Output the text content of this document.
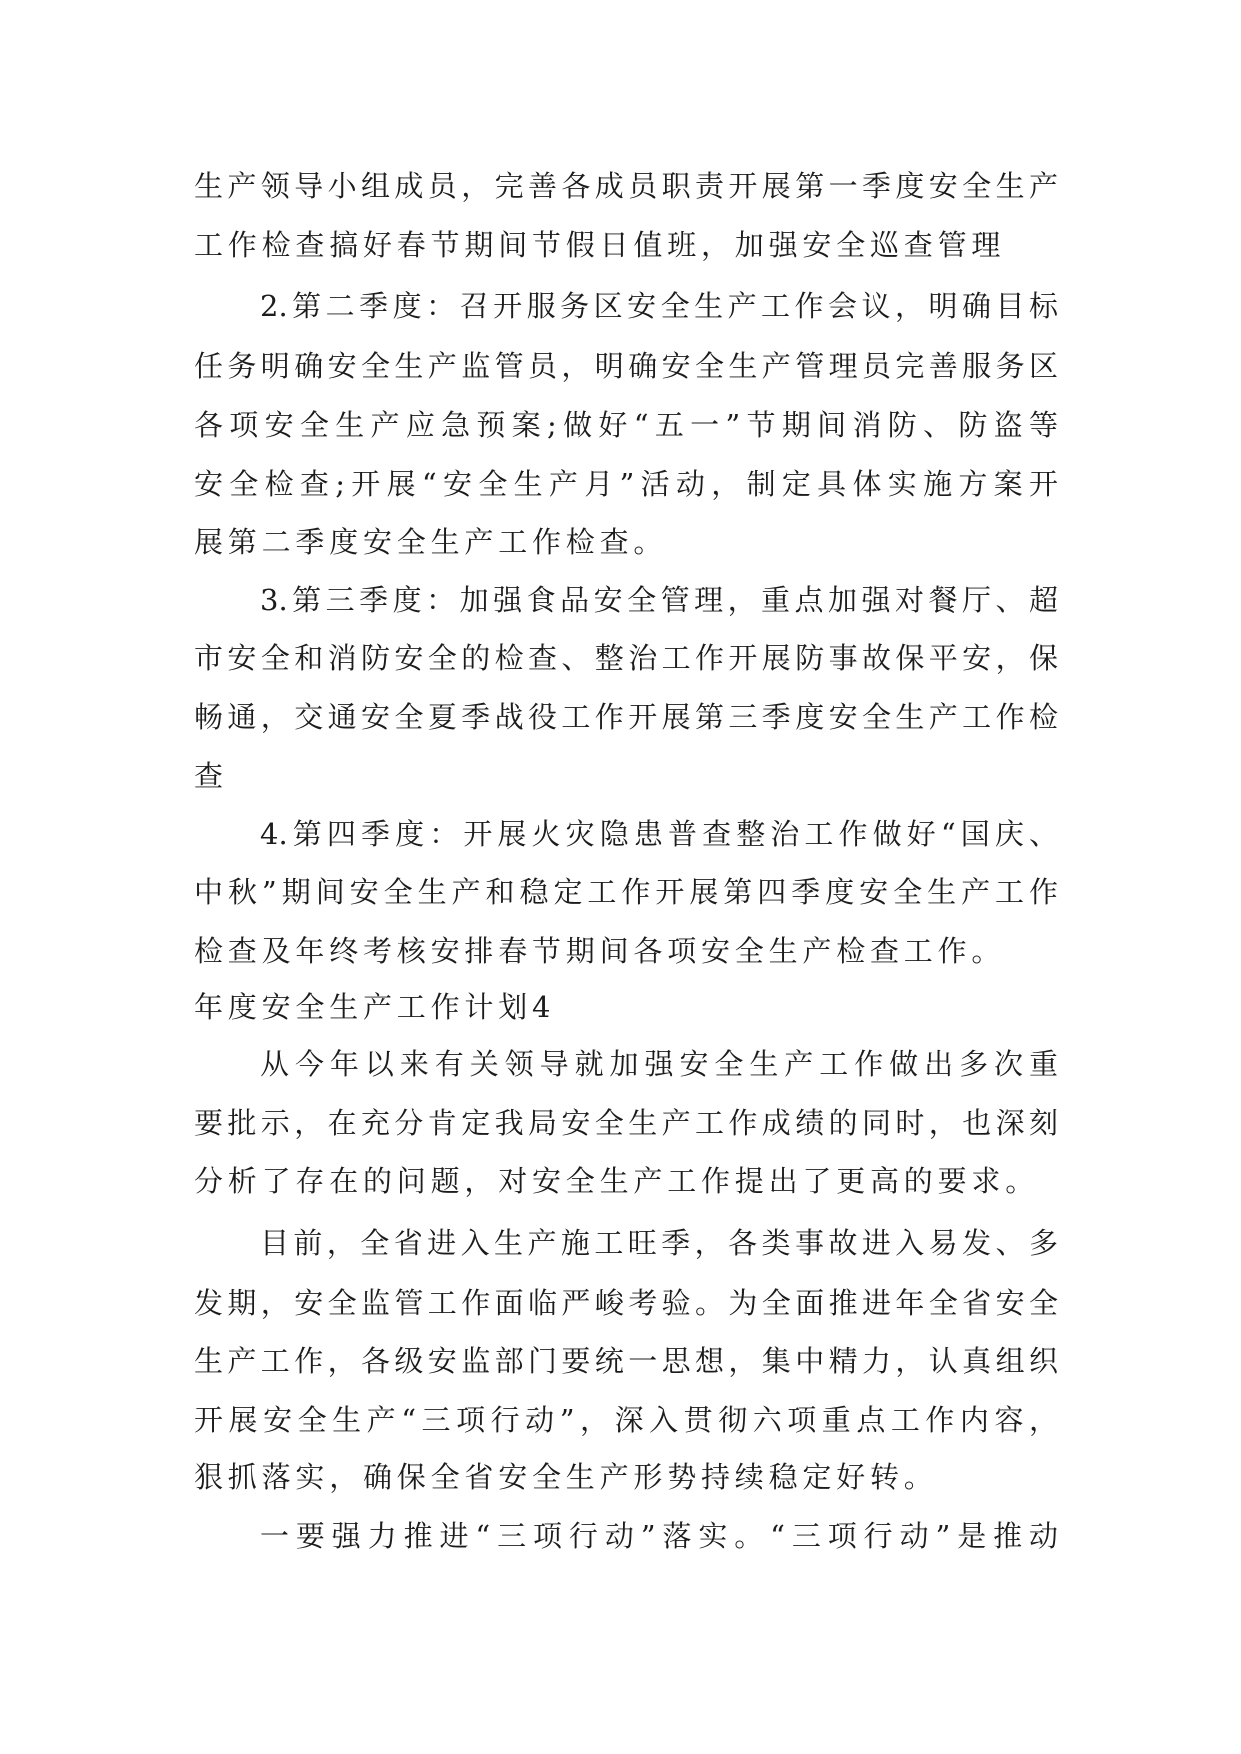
生产领导小组成员，完善各成员职责开展第一季度安全生产
工作检查搞好春节期间节假日值班，加强安全巡查管理
2.第二季度：召开服务区安全生产工作会议，明确目标
任务明确安全生产监管员，明确安全生产管理员完善服务区
各项安全生产应急预案;做好“五一”节期间消防、防盗等
安全检查;开展“安全生产月”活动，制定具体实施方案开
展第二季度安全生产工作检查。
3.第三季度：加强食品安全管理，重点加强对餐厅、超
市安全和消防安全的检查、整治工作开展防事故保平安，保
畅通，交通安全夏季战役工作开展第三季度安全生产工作检
查
4.第四季度：开展火灾隐患普查整治工作做好“国庆、
中秋”期间安全生产和稳定工作开展第四季度安全生产工作
检查及年终考核安排春节期间各项安全生产检查工作。
年度安全生产工作计划4
从今年以来有关领导就加强安全生产工作做出多次重
要批示，在充分肯定我局安全生产工作成绩的同时，也深刻
分析了存在的问题，对安全生产工作提出了更高的要求。
目前，全省进入生产施工旺季，各类事故进入易发、多
发期，安全监管工作面临严峻考验。为全面推进年全省安全
生产工作，各级安监部门要统一思想，集中精力，认真组织
开展安全生产“三项行动”，深入贯彻六项重点工作内容，
狠抓落实，确保全省安全生产形势持续稳定好转。
一要强力推进“三项行动”落实。“三项行动”是推动
